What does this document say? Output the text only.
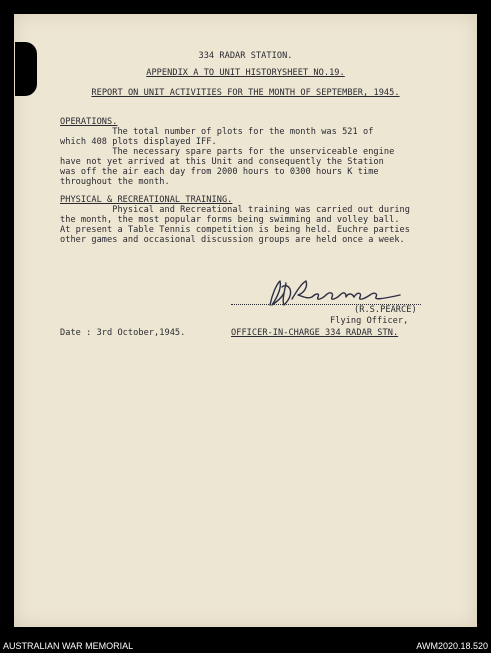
334 RADAR STATION.

APPENDIX A TO UNIT HISTORYSHEET NO.19.

REPORT ON UNIT ACTIVITIES FOR THE MONTH OF SEPTEMBER, 1945.

OPERATIONS.

The total number of plots for the month was 521 of

which 408 plots displayed IFF.

The necessary spare parts for the unserviceable engine

have not yet arrived at this Unit and consequently the Station

was off the air each day from 2000 hours to 0300 hours K time

throughout the month.

PHYSICAL & RECREATIONAL TRAINING.

Physical and Recreational training was carried out during

the month, the most popular forms being swimming and volley ball.

At present a Table Tennis competition is being held. Euchre parties

other games and occasional discussion groups are held once a week.

(R.S.PEARCE)

Flying Officer,

OFFICER-IN-CHARGE 334 RADAR STN.

Date : 3rd October,1945.

AUSTRALIAN WAR MEMORIAL	AWM2020.18.520
